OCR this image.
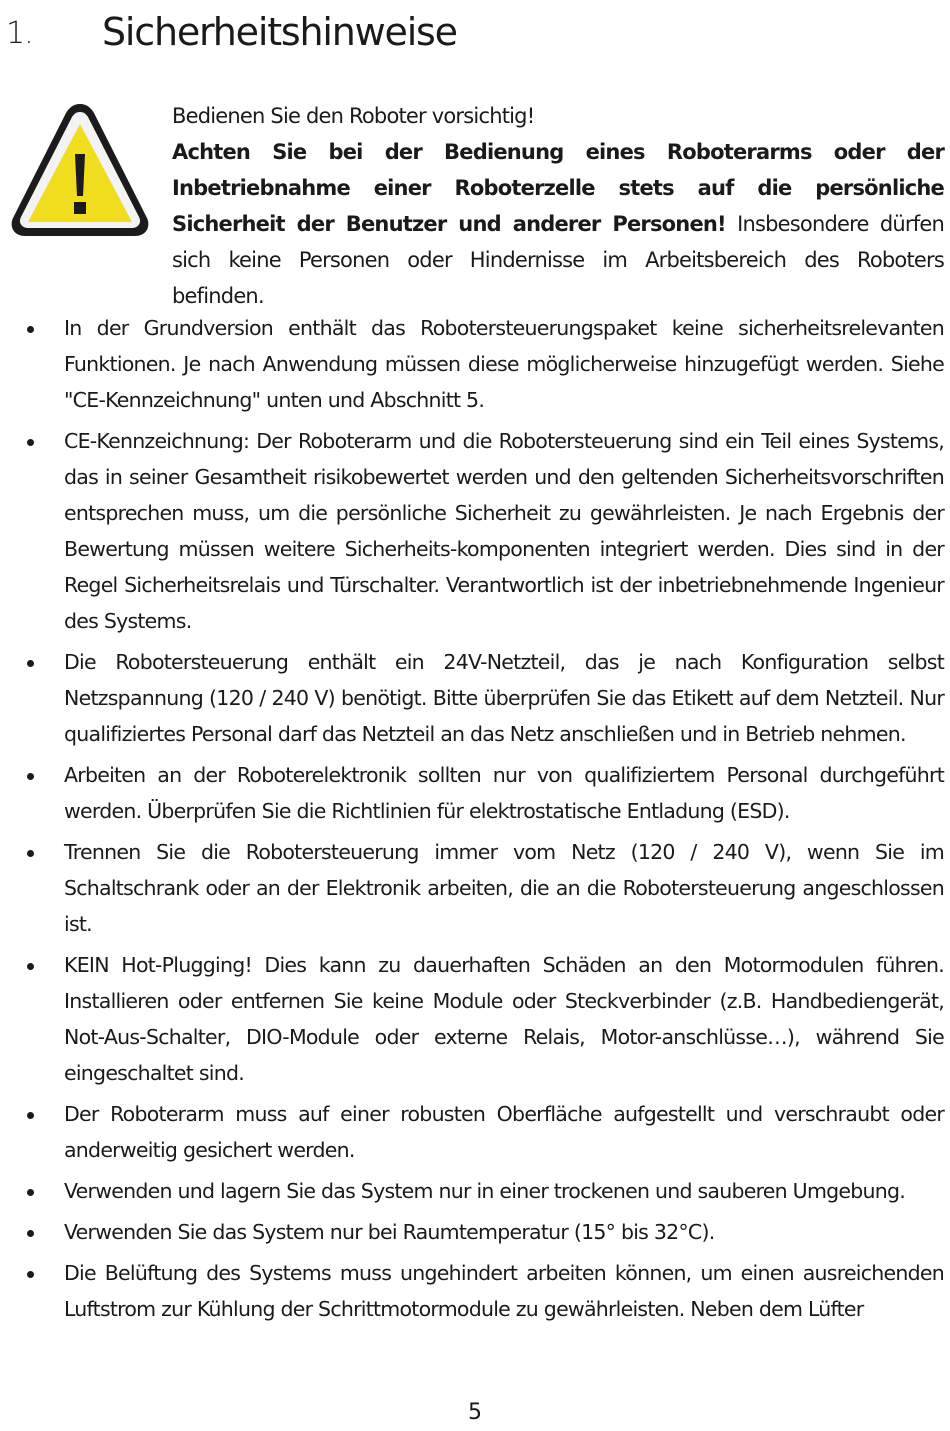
1. Sicherheitshinweise
Bedienen Sie den Roboter vorsichtig!
Achten Sie bei der Bedienung eines Roboterarms oder der Inbetriebnahme einer Roboterzelle stets auf die persönliche Sicherheit der Benutzer und anderer Personen! Insbesondere dürfen sich keine Personen oder Hindernisse im Arbeitsbereich des Roboters befinden.
In der Grundversion enthält das Robotersteuerungspaket keine sicherheitsrelevanten Funktionen. Je nach Anwendung müssen diese möglicherweise hinzugefügt werden. Siehe "CE-Kennzeichnung" unten und Abschnitt 5.
CE-Kennzeichnung: Der Roboterarm und die Robotersteuerung sind ein Teil eines Systems, das in seiner Gesamtheit risikobewertet werden und den geltenden Sicherheitsvorschriften entsprechen muss, um die persönliche Sicherheit zu gewährleisten. Je nach Ergebnis der Bewertung müssen weitere Sicherheits-komponenten integriert werden. Dies sind in der Regel Sicherheitsrelais und Türschalter. Verantwortlich ist der inbetriebnehmende Ingenieur des Systems.
Die Robotersteuerung enthält ein 24V-Netzteil, das je nach Konfiguration selbst Netzspannung (120 / 240 V) benötigt. Bitte überprüfen Sie das Etikett auf dem Netzteil. Nur qualifiziertes Personal darf das Netzteil an das Netz anschließen und in Betrieb nehmen.
Arbeiten an der Roboterelektronik sollten nur von qualifiziertem Personal durchgeführt werden. Überprüfen Sie die Richtlinien für elektrostatische Entladung (ESD).
Trennen Sie die Robotersteuerung immer vom Netz (120 / 240 V), wenn Sie im Schaltschrank oder an der Elektronik arbeiten, die an die Robotersteuerung angeschlossen ist.
KEIN Hot-Plugging! Dies kann zu dauerhaften Schäden an den Motormodulen führen. Installieren oder entfernen Sie keine Module oder Steckverbinder (z.B. Handbediengerät, Not-Aus-Schalter, DIO-Module oder externe Relais, Motor-anschlüsse…), während Sie eingeschaltet sind.
Der Roboterarm muss auf einer robusten Oberfläche aufgestellt und verschraubt oder anderweitig gesichert werden.
Verwenden und lagern Sie das System nur in einer trockenen und sauberen Umgebung.
Verwenden Sie das System nur bei Raumtemperatur (15° bis 32°C).
Die Belüftung des Systems muss ungehindert arbeiten können, um einen ausreichenden Luftstrom zur Kühlung der Schrittmotormodule zu gewährleisten. Neben dem Lüfter
5
